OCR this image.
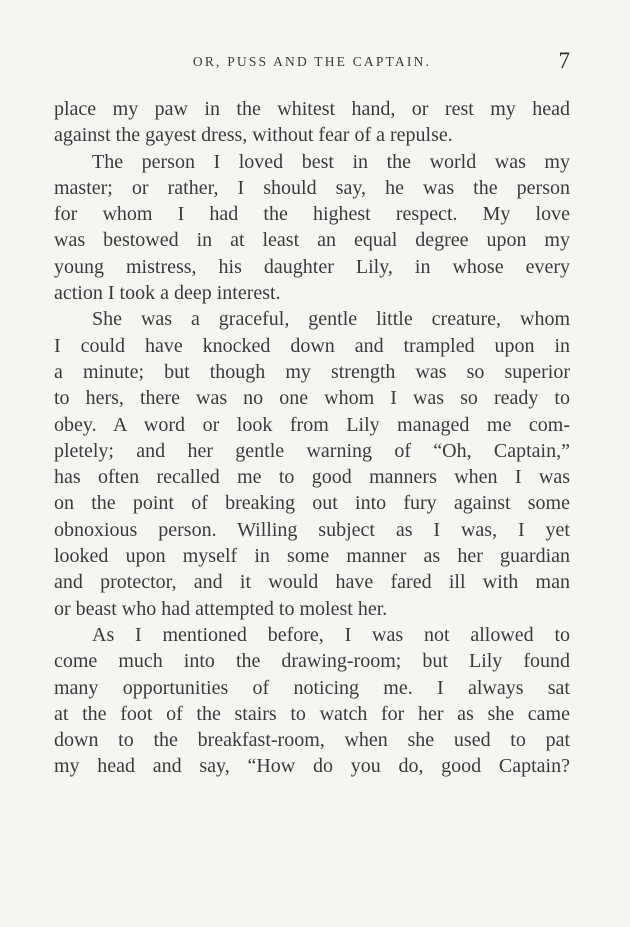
OR, PUSS AND THE CAPTAIN.	7
place my paw in the whitest hand, or rest my head
against the gayest dress, without fear of a repulse.
The person I loved best in the world was my
master; or rather, I should say, he was the person
for whom I had the highest respect. My love
was bestowed in at least an equal degree upon my
young mistress, his daughter Lily, in whose every
action I took a deep interest.
She was a graceful, gentle little creature, whom
I could have knocked down and trampled upon in
a minute; but though my strength was so superior
to hers, there was no one whom I was so ready to
obey. A word or look from Lily managed me com-
pletely; and her gentle warning of “Oh, Captain,”
has often recalled me to good manners when I was
on the point of breaking out into fury against some
obnoxious person. Willing subject as I was, I yet
looked upon myself in some manner as her guardian
and protector, and it would have fared ill with man
or beast who had attempted to molest her.
As I mentioned before, I was not allowed to
come much into the drawing-room; but Lily found
many opportunities of noticing me. I always sat
at the foot of the stairs to watch for her as she came
down to the breakfast-room, when she used to pat
my head and say, “How do you do, good Captain?
